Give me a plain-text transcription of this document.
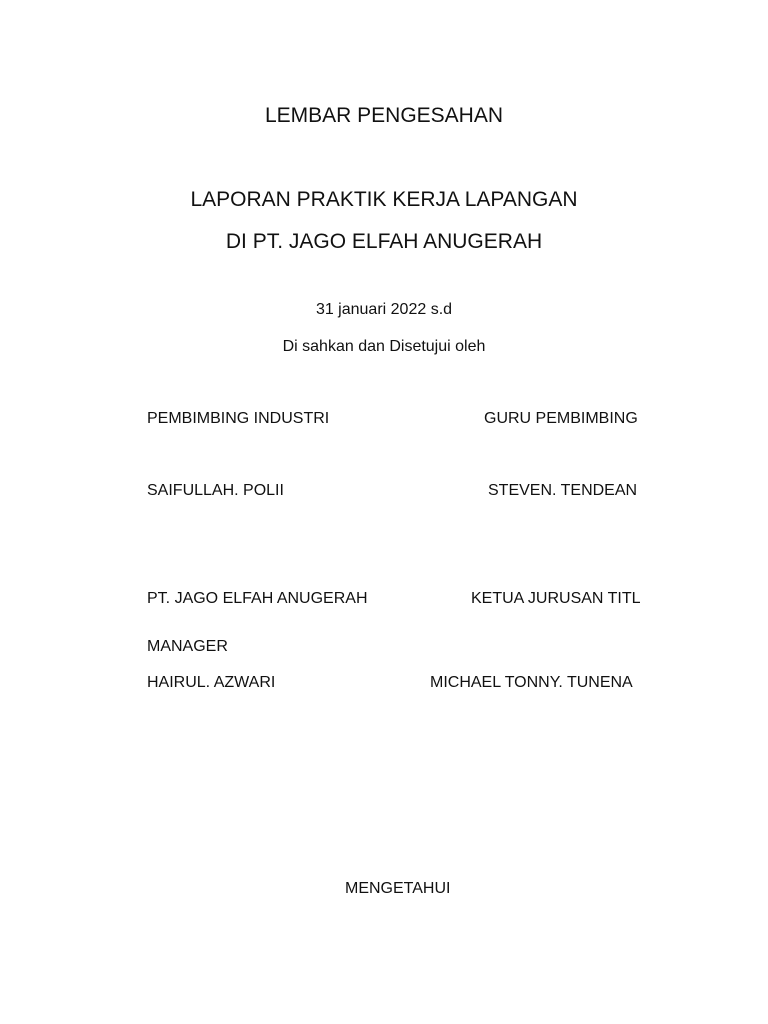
LEMBAR PENGESAHAN
LAPORAN PRAKTIK KERJA LAPANGAN
DI PT. JAGO ELFAH ANUGERAH
31 januari 2022 s.d
Di sahkan dan Disetujui oleh
PEMBIMBING INDUSTRI	GURU PEMBIMBING
SAIFULLAH. POLII	STEVEN. TENDEAN
PT. JAGO ELFAH ANUGERAH	KETUA JURUSAN TITL
MANAGER
HAIRUL. AZWARI	MICHAEL TONNY. TUNENA
MENGETAHUI
